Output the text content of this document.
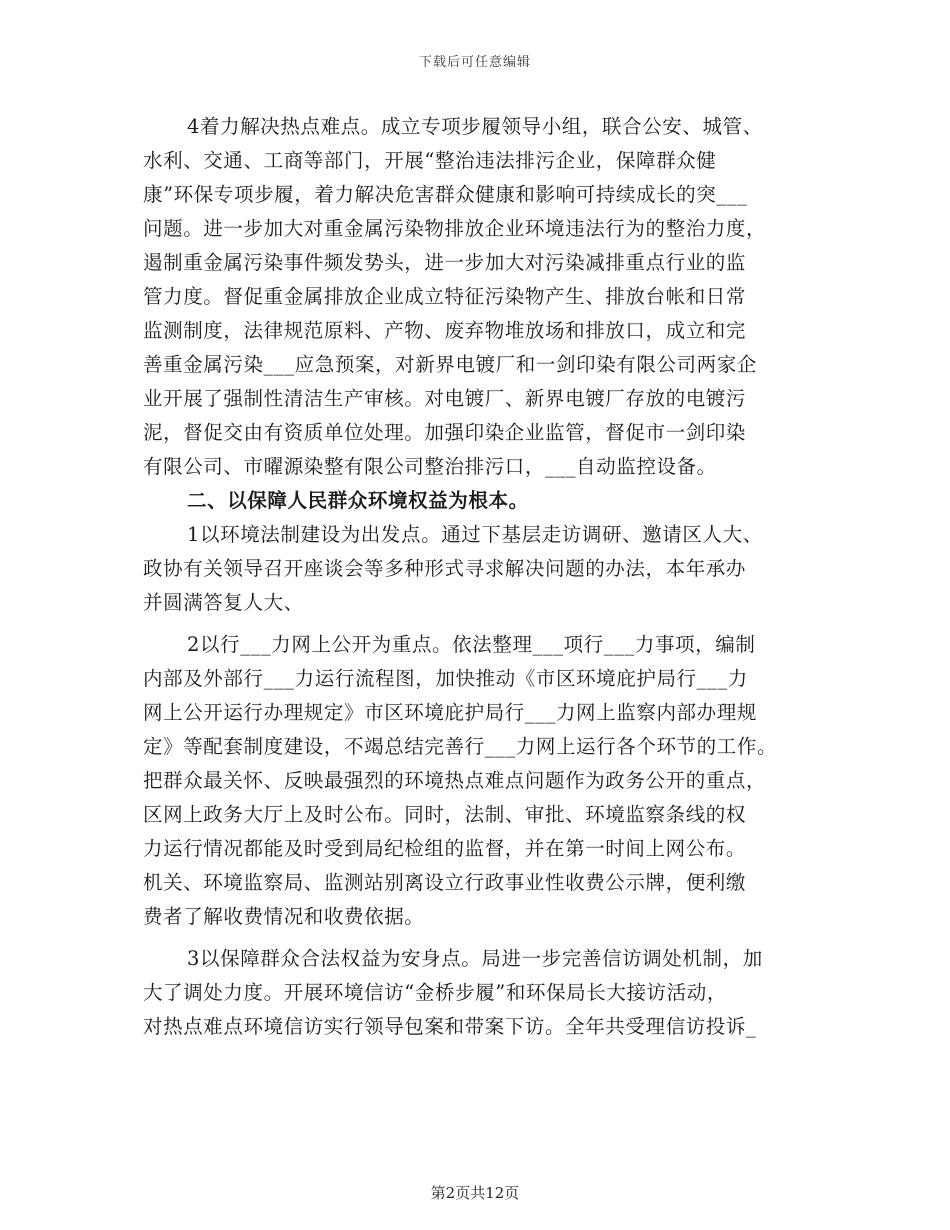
下载后可任意编辑
4着力解决热点难点。成立专项步履领导小组，联合公安、城管、
水利、交通、工商等部门，开展“整治违法排污企业，保障群众健
康”环保专项步履，着力解决危害群众健康和影响可持续成长的突___
问题。进一步加大对重金属污染物排放企业环境违法行为的整治力度，
遏制重金属污染事件频发势头，进一步加大对污染减排重点行业的监
管力度。督促重金属排放企业成立特征污染物产生、排放台帐和日常
监测制度，法律规范原料、产物、废弃物堆放场和排放口，成立和完
善重金属污染___应急预案，对新界电镀厂和一剑印染有限公司两家企
业开展了强制性清洁生产审核。对电镀厂、新界电镀厂存放的电镀污
泥，督促交由有资质单位处理。加强印染企业监管，督促市一剑印染
有限公司、市曜源染整有限公司整治排污口，___自动监控设备。
二、以保障人民群众环境权益为根本。
1以环境法制建设为出发点。通过下基层走访调研、邀请区人大、
政协有关领导召开座谈会等多种形式寻求解决问题的办法，本年承办
并圆满答复人大、
2以行___力网上公开为重点。依法整理___项行___力事项，编制
内部及外部行___力运行流程图，加快推动《市区环境庇护局行___力
网上公开运行办理规定》市区环境庇护局行___力网上监察内部办理规
定》等配套制度建设，不竭总结完善行___力网上运行各个环节的工作。
把群众最关怀、反映最强烈的环境热点难点问题作为政务公开的重点，
区网上政务大厅上及时公布。同时，法制、审批、环境监察条线的权
力运行情况都能及时受到局纪检组的监督，并在第一时间上网公布。
机关、环境监察局、监测站别离设立行政事业性收费公示牌，便利缴
费者了解收费情况和收费依据。
3以保障群众合法权益为安身点。局进一步完善信访调处机制，加
大了调处力度。开展环境信访“金桥步履”和环保局长大接访活动，
对热点难点环境信访实行领导包案和带案下访。全年共受理信访投诉_
第2页共12页
